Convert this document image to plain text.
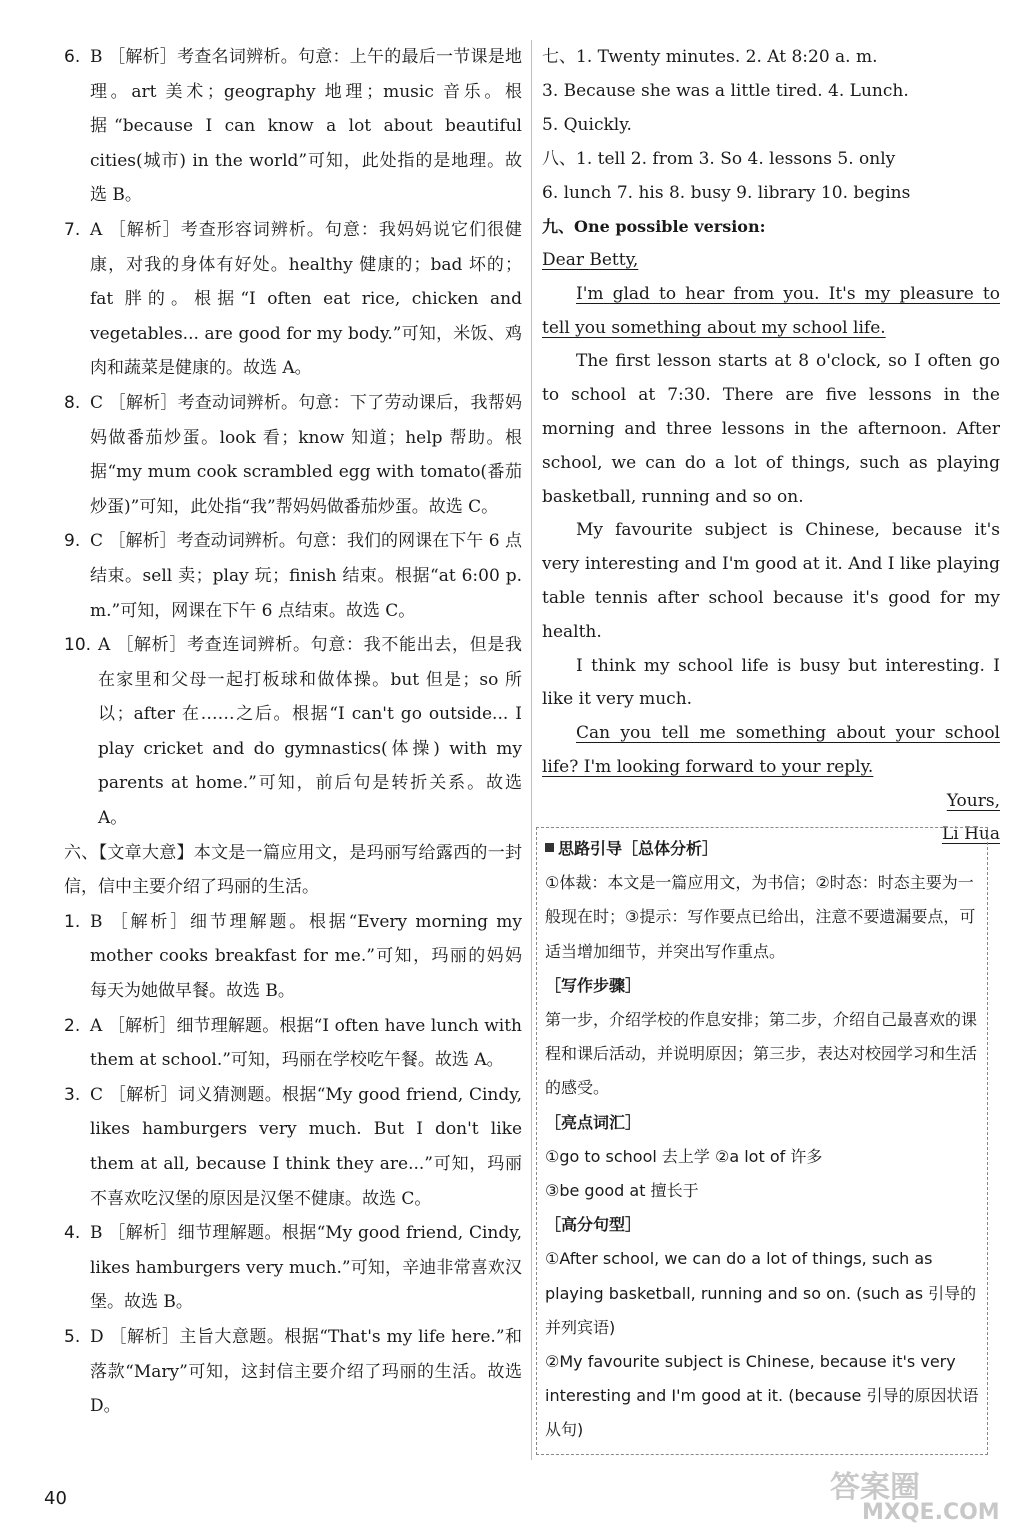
6. B ［解析］考查名词辨析。句意：上午的最后一节课是地理。art 美术；geography 地理；music 音乐。根据“because I can know a lot about beautiful cities(城市) in the world”可知，此处指的是地理。故选 B。

7. A ［解析］考查形容词辨析。句意：我妈妈说它们很健康，对我的身体有好处。healthy 健康的；bad 坏的；fat 胖的。根据“I often eat rice, chicken and vegetables... are good for my body.”可知，米饭、鸡肉和蔬菜是健康的。故选 A。

8. C ［解析］考查动词辨析。句意：下了劳动课后，我帮妈妈做番茄炒蛋。look 看；know 知道；help 帮助。根据“my mum cook scrambled egg with tomato(番茄炒蛋)”可知，此处指“我”帮妈妈做番茄炒蛋。故选 C。

9. C ［解析］考查动词辨析。句意：我们的网课在下午 6 点结束。sell 卖；play 玩；finish 结束。根据“at 6:00 p. m.”可知，网课在下午 6 点结束。故选 C。

10. A ［解析］考查连词辨析。句意：我不能出去，但是我在家里和父母一起打板球和做体操。but 但是；so 所以；after 在……之后。根据“I can't go outside... I play cricket and do gymnastics(体操) with my parents at home.”可知，前后句是转折关系。故选 A。

六、【文章大意】本文是一篇应用文，是玛丽写给露西的一封信，信中主要介绍了玛丽的生活。

1. B ［解析］细节理解题。根据“Every morning my mother cooks breakfast for me.”可知，玛丽的妈妈每天为她做早餐。故选 B。

2. A ［解析］细节理解题。根据“I often have lunch with them at school.”可知，玛丽在学校吃午餐。故选 A。

3. C ［解析］词义猜测题。根据“My good friend, Cindy, likes hamburgers very much. But I don't like them at all, because I think they are...”可知，玛丽不喜欢吃汉堡的原因是汉堡不健康。故选 C。

4. B ［解析］细节理解题。根据“My good friend, Cindy, likes hamburgers very much.”可知，辛迪非常喜欢汉堡。故选 B。

5. D ［解析］主旨大意题。根据“That's my life here.”和落款“Mary”可知，这封信主要介绍了玛丽的生活。故选 D。

七、1. Twenty minutes. 2. At 8:20 a. m.

3. Because she was a little tired. 4. Lunch.

5. Quickly.

八、1. tell 2. from 3. So 4. lessons 5. only

6. lunch 7. his 8. busy 9. library 10. begins

九、One possible version:

Dear Betty,

I'm glad to hear from you. It's my pleasure to tell you something about my school life.

The first lesson starts at 8 o'clock, so I often go to school at 7:30. There are five lessons in the morning and three lessons in the afternoon. After school, we can do a lot of things, such as playing basketball, running and so on.

My favourite subject is Chinese, because it's very interesting and I'm good at it. And I like playing table tennis after school because it's good for my health.

I think my school life is busy but interesting. I like it very much.

Can you tell me something about your school life? I'm looking forward to your reply.

Yours,

Li Hua

思路引导［总体分析］

①体裁：本文是一篇应用文，为书信；②时态：时态主要为一般现在时；③提示：写作要点已给出，注意不要遗漏要点，可适当增加细节，并突出写作重点。

［写作步骤］

第一步，介绍学校的作息安排；第二步，介绍自己最喜欢的课程和课后活动，并说明原因；第三步，表达对校园学习和生活的感受。

［亮点词汇］

①go to school 去上学 ②a lot of 许多

③be good at 擅长于

［高分句型］

①After school, we can do a lot of things, such as playing basketball, running and so on. (such as 引导的并列宾语)

②My favourite subject is Chinese, because it's very interesting and I'm good at it. (because 引导的原因状语从句)

40	答案圈
MXQE.COM
